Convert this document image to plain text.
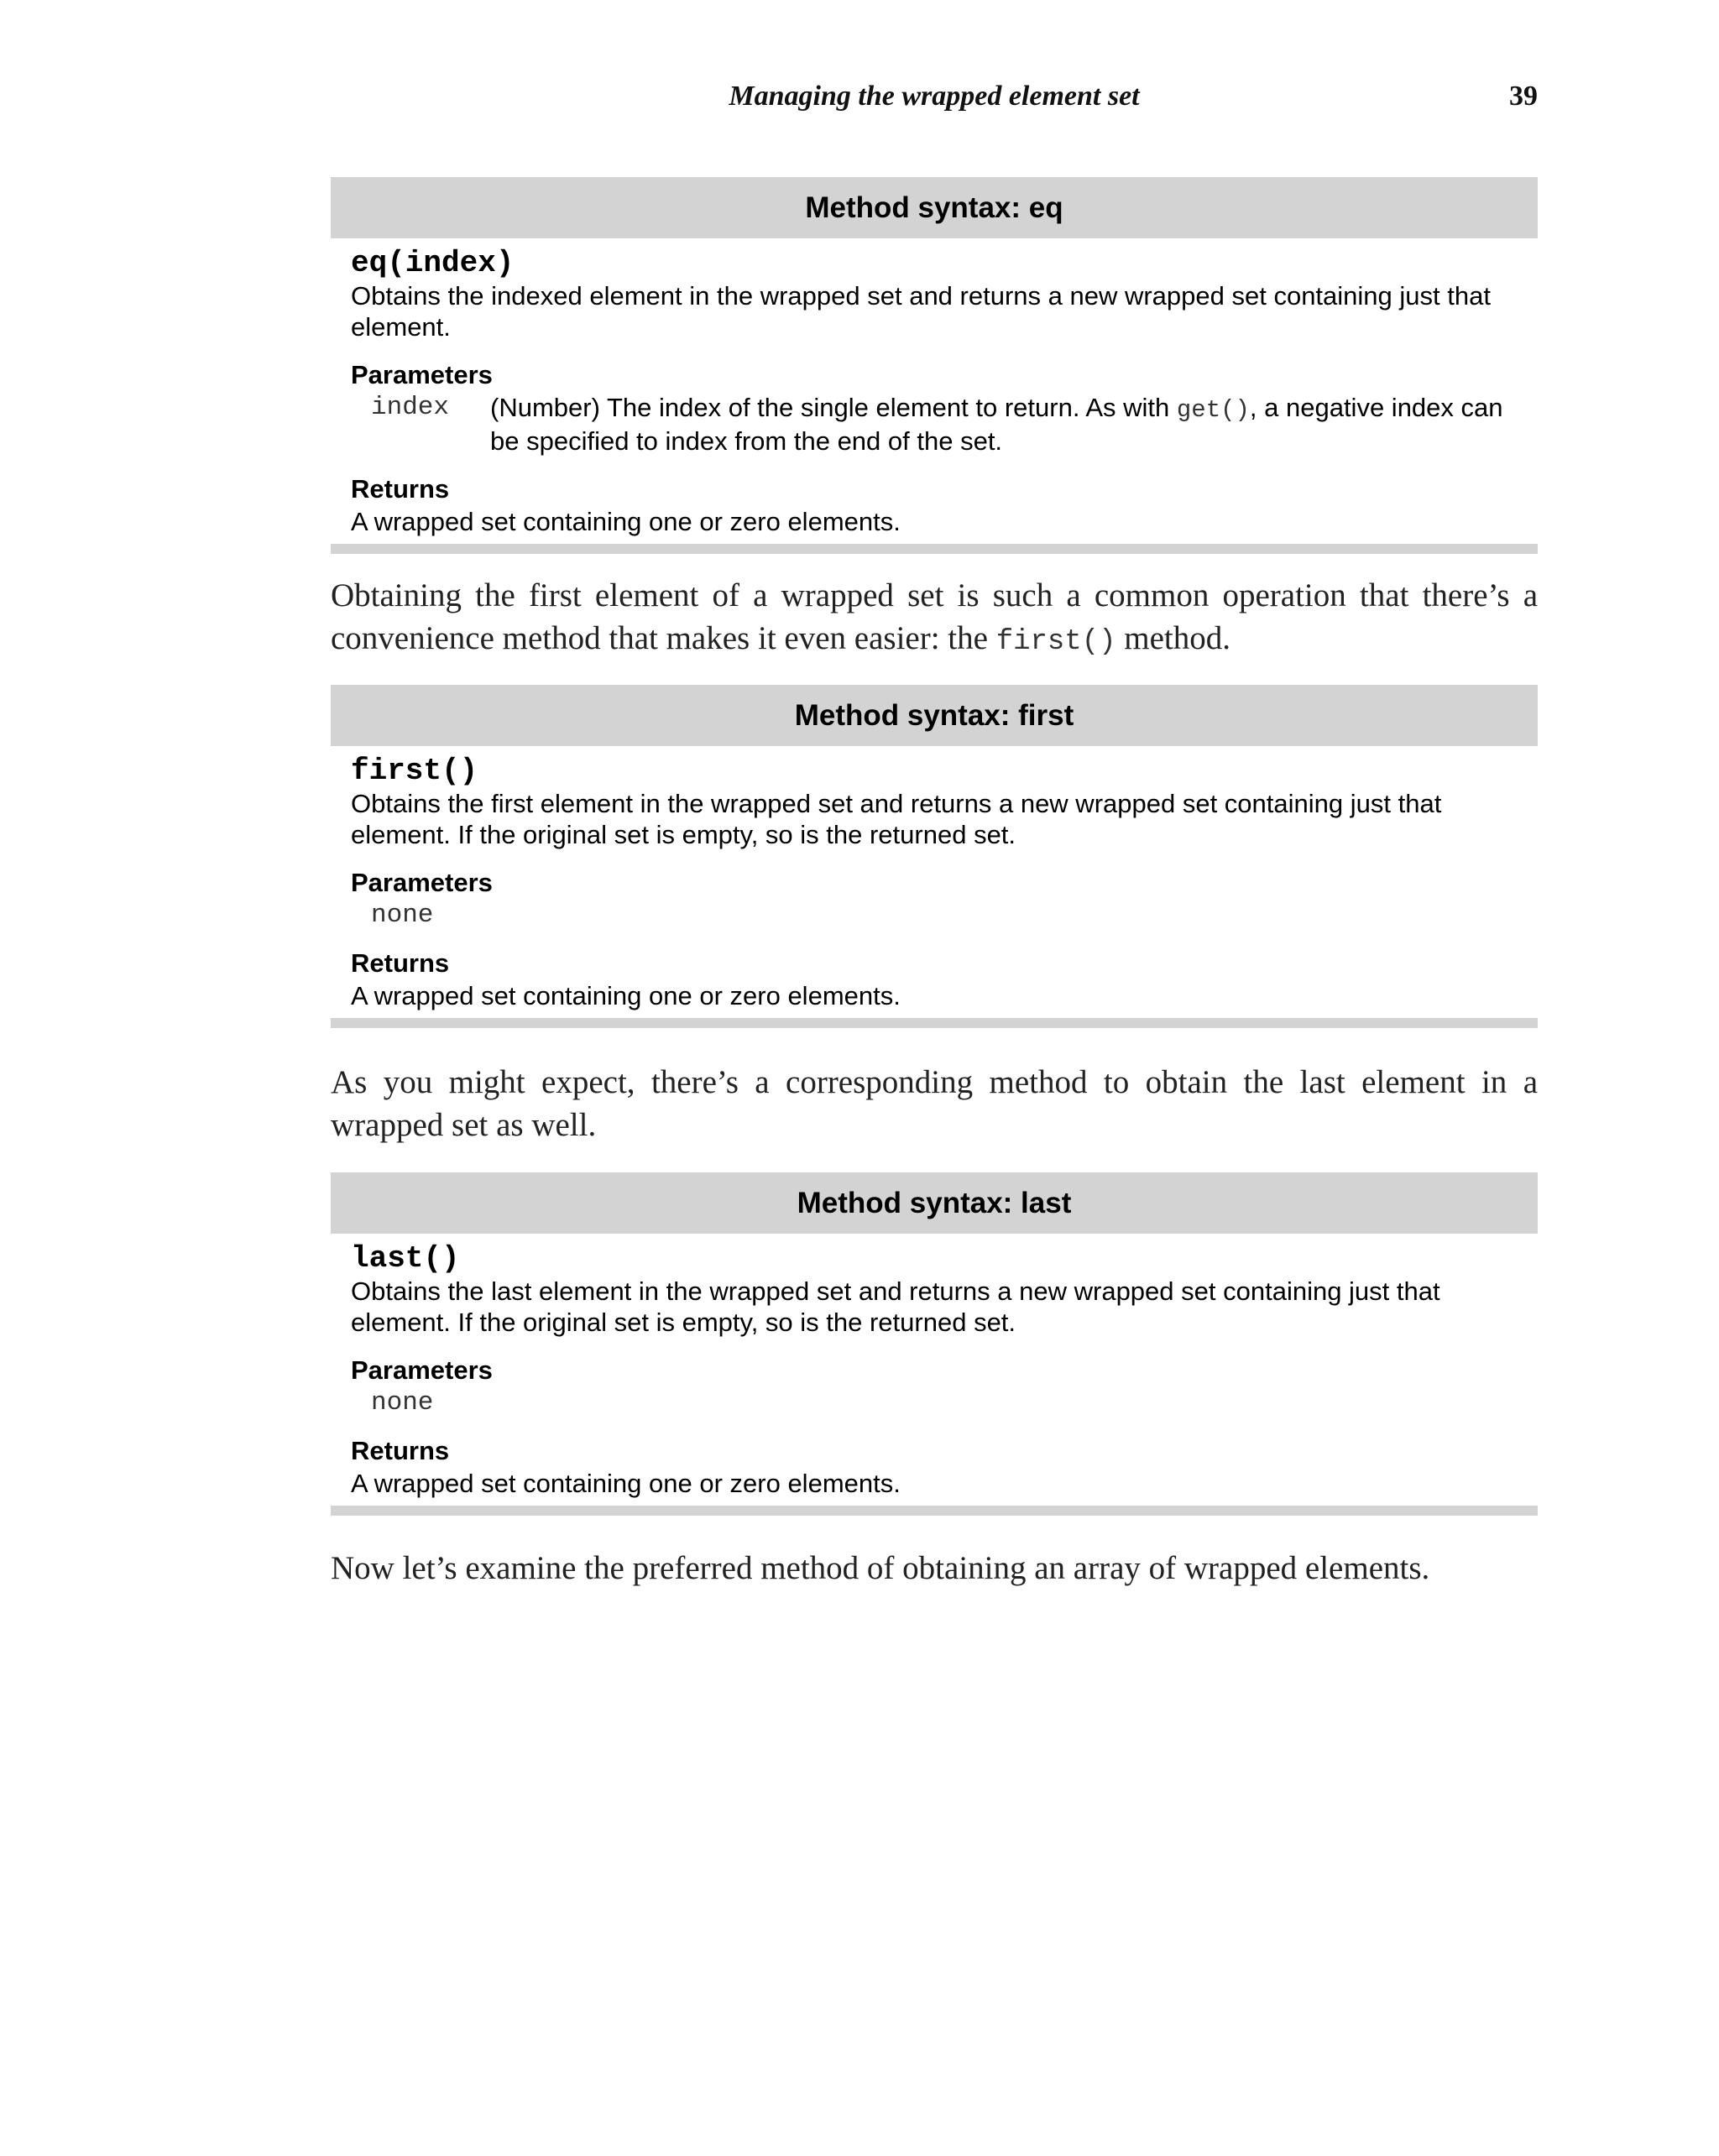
Managing the wrapped element set	39
Method syntax: eq

eq(index)

Obtains the indexed element in the wrapped set and returns a new wrapped set containing just that element.

Parameters

index	(Number) The index of the single element to return. As with get(), a negative index can be specified to index from the end of the set.

Returns

A wrapped set containing one or zero elements.

Obtaining the first element of a wrapped set is such a common operation that there’s a convenience method that makes it even easier: the first() method.

Method syntax: first

first()

Obtains the first element in the wrapped set and returns a new wrapped set containing just that element. If the original set is empty, so is the returned set.

Parameters

none

Returns

A wrapped set containing one or zero elements.

As you might expect, there’s a corresponding method to obtain the last element in a wrapped set as well.

Method syntax: last

last()

Obtains the last element in the wrapped set and returns a new wrapped set containing just that element. If the original set is empty, so is the returned set.

Parameters

none

Returns

A wrapped set containing one or zero elements.

Now let’s examine the preferred method of obtaining an array of wrapped elements.
